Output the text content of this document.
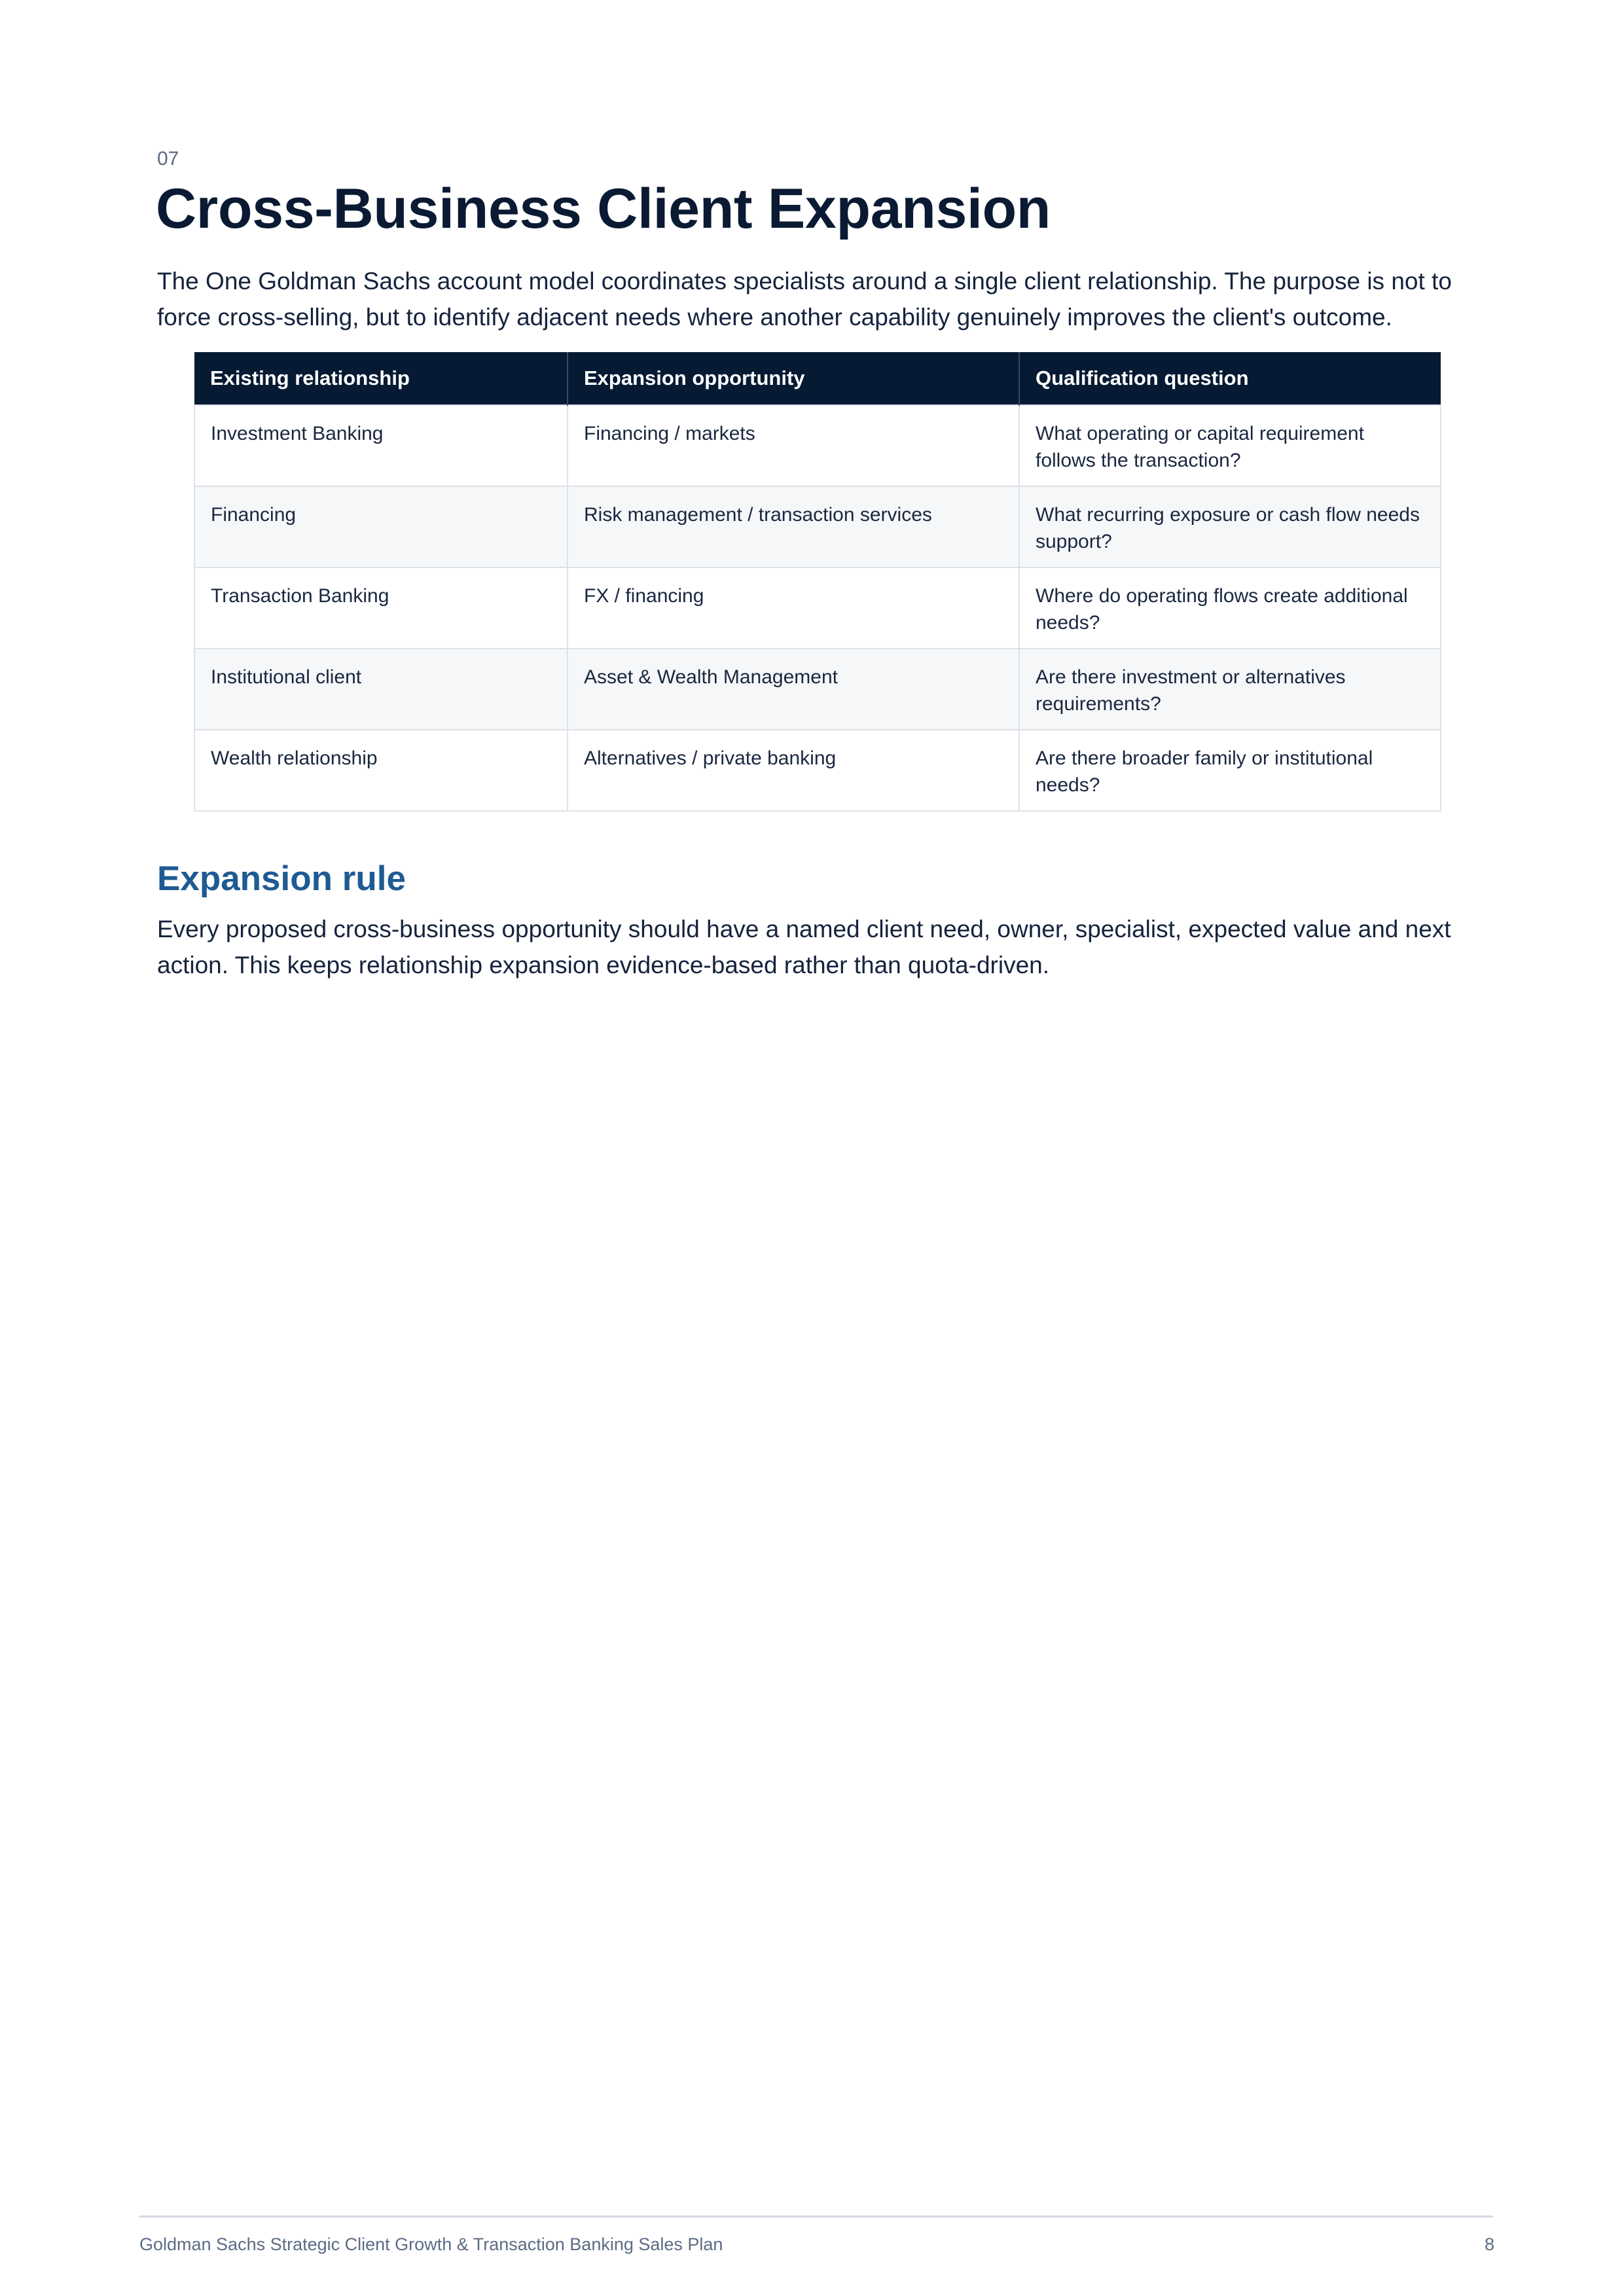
07
Cross-Business Client Expansion

The One Goldman Sachs account model coordinates specialists around a single client relationship. The purpose is not to force cross-selling, but to identify adjacent needs where another capability genuinely improves the client's outcome.

Existing relationship	Expansion opportunity	Qualification question
Investment Banking	Financing / markets	What operating or capital requirement follows the transaction?
Financing	Risk management / transaction services	What recurring exposure or cash flow needs support?
Transaction Banking	FX / financing	Where do operating flows create additional needs?
Institutional client	Asset & Wealth Management	Are there investment or alternatives requirements?
Wealth relationship	Alternatives / private banking	Are there broader family or institutional needs?
Expansion rule

Every proposed cross-business opportunity should have a named client need, owner, specialist, expected value and next action. This keeps relationship expansion evidence-based rather than quota-driven.

Goldman Sachs Strategic Client Growth & Transaction Banking Sales Plan	8
